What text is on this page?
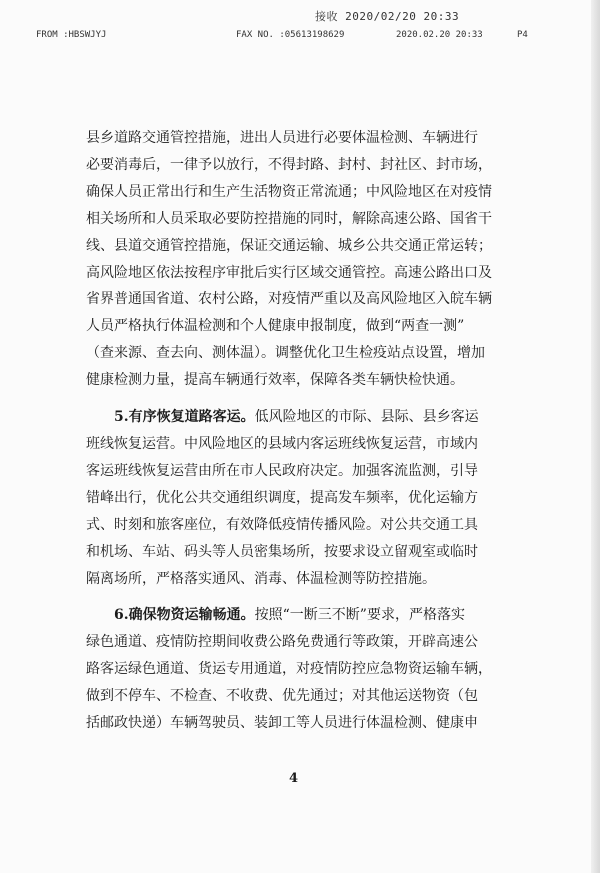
接收 2020/02/20 20:33
FROM :HBSWJYJ	FAX NO. :05613198629	2020.02.20 20:33	P4

县乡道路交通管控措施，进出人员进行必要体温检测、车辆进行
必要消毒后，一律予以放行，不得封路、封村、封社区、封市场，
确保人员正常出行和生产生活物资正常流通；中风险地区在对疫情
相关场所和人员采取必要防控措施的同时，解除高速公路、国省干
线、县道交通管控措施，保证交通运输、城乡公共交通正常运转；
高风险地区依法按程序审批后实行区域交通管控。高速公路出口及
省界普通国省道、农村公路，对疫情严重以及高风险地区入皖车辆
人员严格执行体温检测和个人健康申报制度，做到“两查一测”
（查来源、查去向、测体温）。调整优化卫生检疫站点设置，增加
健康检测力量，提高车辆通行效率，保障各类车辆快检快通。

  5.有序恢复道路客运。低风险地区的市际、县际、县乡客运
班线恢复运营。中风险地区的县域内客运班线恢复运营，市域内
客运班线恢复运营由所在市人民政府决定。加强客流监测，引导
错峰出行，优化公共交通组织调度，提高发车频率，优化运输方
式、时刻和旅客座位，有效降低疫情传播风险。对公共交通工具
和机场、车站、码头等人员密集场所，按要求设立留观室或临时
隔离场所，严格落实通风、消毒、体温检测等防控措施。

  6.确保物资运输畅通。按照“一断三不断”要求，严格落实
绿色通道、疫情防控期间收费公路免费通行等政策，开辟高速公
路客运绿色通道、货运专用通道，对疫情防控应急物资运输车辆，
做到不停车、不检查、不收费、优先通过；对其他运送物资（包
括邮政快递）车辆驾驶员、装卸工等人员进行体温检测、健康申

4
